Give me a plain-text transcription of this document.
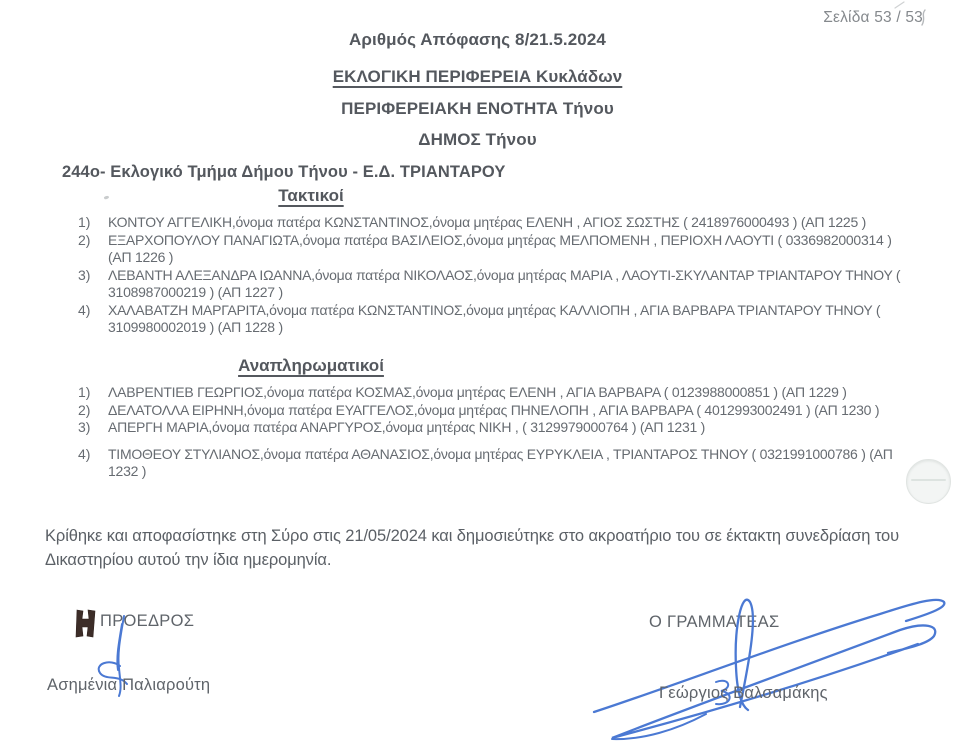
Σελίδα 53 / 53
Αριθμός Απόφασης 8/21.5.2024
ΕΚΛΟΓΙΚΗ ΠΕΡΙΦΕΡΕΙΑ Κυκλάδων
ΠΕΡΙΦΕΡΕΙΑΚΗ ΕΝΟΤΗΤΑ Τήνου
ΔΗΜΟΣ Τήνου
244ο- Εκλογικό Τμήμα Δήμου Τήνου - Ε.Δ. ΤΡΙΑΝΤΑΡΟΥ
Τακτικοί
1)	ΚΟΝΤΟΥ ΑΓΓΕΛΙΚΗ,όνομα πατέρα ΚΩΝΣΤΑΝΤΙΝΟΣ,όνομα μητέρας ΕΛΕΝΗ , ΑΓΙΟΣ ΣΩΣΤΗΣ ( 2418976000493 ) (ΑΠ 1225 )
2)	ΕΞΑΡΧΟΠΟΥΛΟΥ ΠΑΝΑΓΙΩΤΑ,όνομα πατέρα ΒΑΣΙΛΕΙΟΣ,όνομα μητέρας ΜΕΛΠΟΜΕΝΗ , ΠΕΡΙΟΧΗ ΛΑΟΥΤΙ ( 0336982000314 ) (ΑΠ 1226 )
3)	ΛΕΒΑΝΤΗ ΑΛΕΞΑΝΔΡΑ ΙΩΑΝΝΑ,όνομα πατέρα ΝΙΚΟΛΑΟΣ,όνομα μητέρας ΜΑΡΙΑ , ΛΑΟΥΤΙ-ΣΚΥΛΑΝΤΑΡ ΤΡΙΑΝΤΑΡΟΥ ΤΗΝΟΥ ( 3108987000219 ) (ΑΠ 1227 )
4)	ΧΑΛΑΒΑΤΖΗ ΜΑΡΓΑΡΙΤΑ,όνομα πατέρα ΚΩΝΣΤΑΝΤΙΝΟΣ,όνομα μητέρας ΚΑΛΛΙΟΠΗ , ΑΓΙΑ ΒΑΡΒΑΡΑ ΤΡΙΑΝΤΑΡΟΥ ΤΗΝΟΥ ( 3109980002019 ) (ΑΠ 1228 )
Αναπληρωματικοί
1)	ΛΑΒΡΕΝΤΙΕΒ ΓΕΩΡΓΙΟΣ,όνομα πατέρα ΚΟΣΜΑΣ,όνομα μητέρας ΕΛΕΝΗ , ΑΓΙΑ ΒΑΡΒΑΡΑ ( 0123988000851 ) (ΑΠ 1229 )
2)	ΔΕΛΑΤΟΛΛΑ ΕΙΡΗΝΗ,όνομα πατέρα ΕΥΑΓΓΕΛΟΣ,όνομα μητέρας ΠΗΝΕΛΟΠΗ , ΑΓΙΑ ΒΑΡΒΑΡΑ ( 4012993002491 ) (ΑΠ 1230 )
3)	ΑΠΕΡΓΗ ΜΑΡΙΑ,όνομα πατέρα ΑΝΑΡΓΥΡΟΣ,όνομα μητέρας ΝΙΚΗ , ( 3129979000764 ) (ΑΠ 1231 )
4)	ΤΙΜΟΘΕΟΥ ΣΤΥΛΙΑΝΟΣ,όνομα πατέρα ΑΘΑΝΑΣΙΟΣ,όνομα μητέρας ΕΥΡΥΚΛΕΙΑ , ΤΡΙΑΝΤΑΡΟΣ ΤΗΝΟΥ ( 0321991000786 ) (ΑΠ 1232 )
Κρίθηκε και αποφασίστηκε στη Σύρο στις 21/05/2024 και δημοσιεύτηκε στο ακροατήριο του σε έκτακτη συνεδρίαση του Δικαστηρίου αυτού την ίδια ημερομηνία.
ΠΡΟΕΔΡΟΣ
Ασημένια Παλιαρούτη
Ο ΓΡΑΜΜΑΤΕΑΣ
Γεώργιος Βαλσαμάκης
